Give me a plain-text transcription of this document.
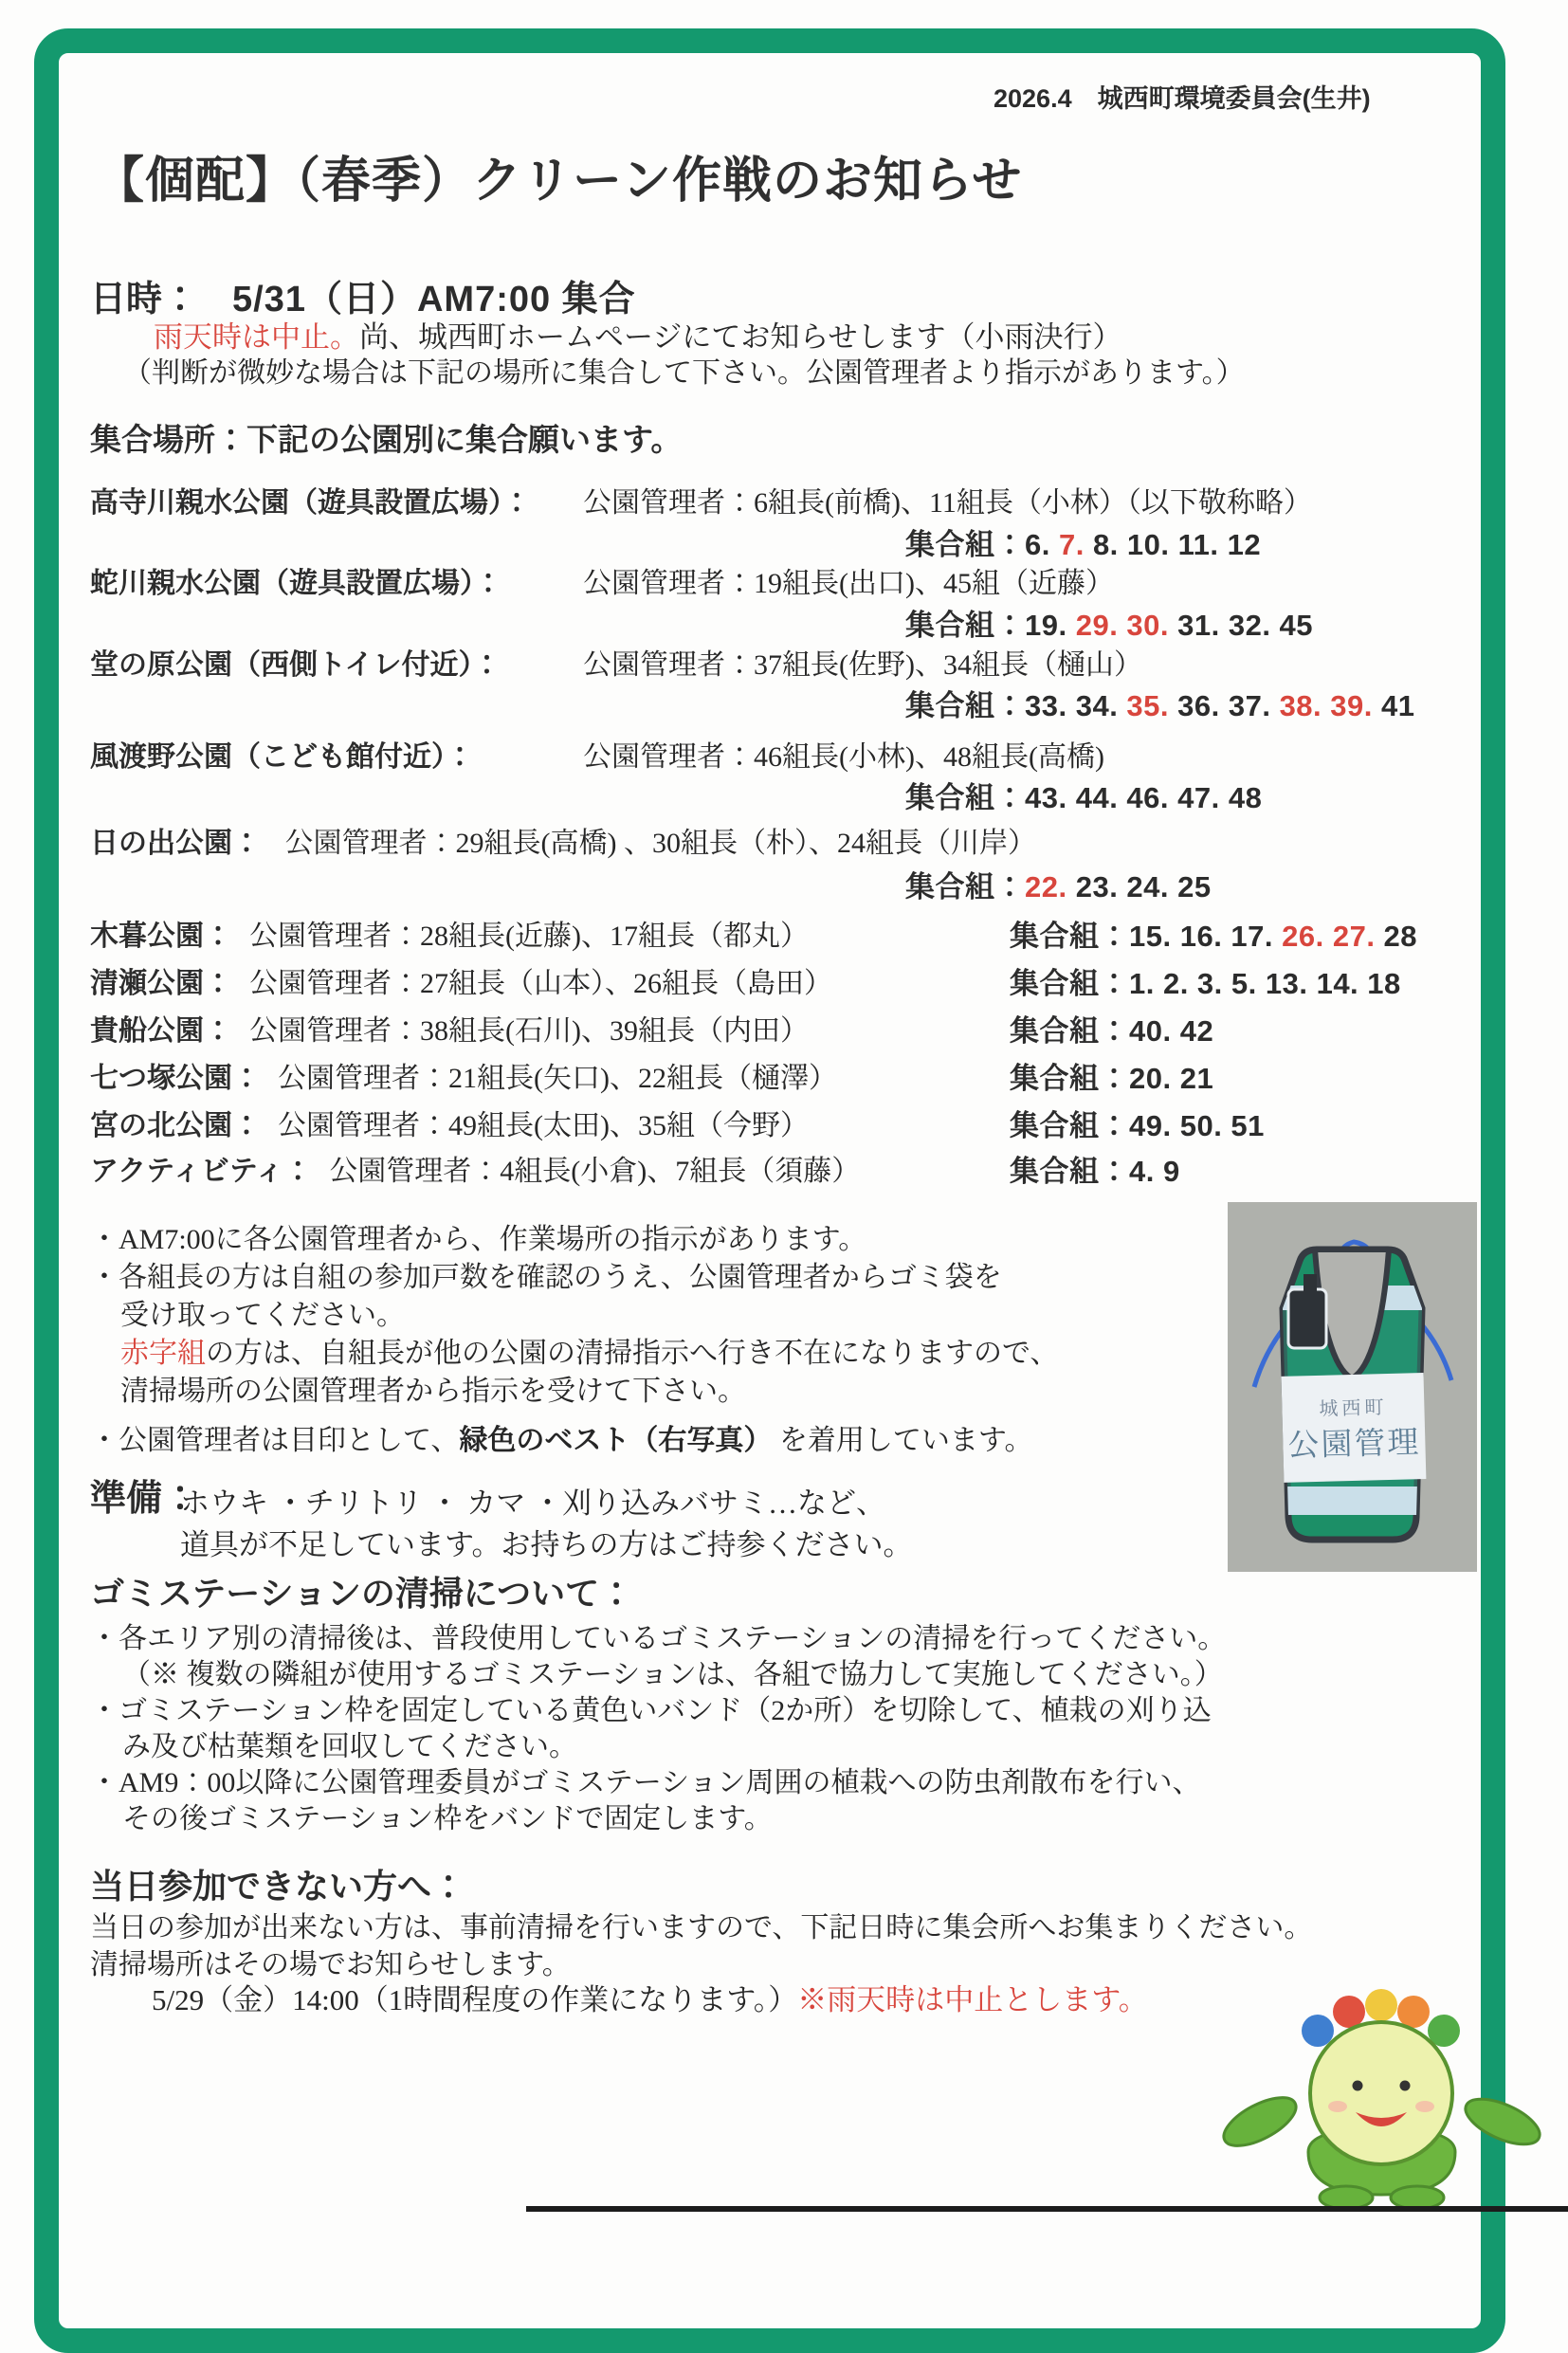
2026.4　城西町環境委員会(生井)
【個配】（春季）クリーン作戦のお知らせ
日時： 5/31（日）AM7:00 集合
雨天時は中止。尚、城西町ホームページにてお知らせします（小雨決行）
（判断が微妙な場合は下記の場所に集合して下さい。公園管理者より指示があります。）
集合場所：下記の公園別に集合願います。
高寺川親水公園（遊具設置広場）： 公園管理者：6組長(前橋)、11組長（小林）（以下敬称略）
集合組：6. 7. 8. 10. 11. 12
蛇川親水公園（遊具設置広場）：	公園管理者：19組長(出口)、45組（近藤）
集合組：19. 29. 30. 31. 32. 45
堂の原公園（西側トイレ付近）：	公園管理者：37組長(佐野)、34組長（樋山）
集合組：33. 34. 35. 36. 37. 38. 39. 41
風渡野公園（こども館付近）：	公園管理者：46組長(小林)、48組長(高橋)
集合組：43. 44. 46. 47. 48
日の出公園： 公園管理者：29組長(高橋) 、30組長（朴）、24組長（川岸）
集合組：22. 23. 24. 25
木暮公園： 公園管理者：28組長(近藤)、17組長（都丸）	集合組：15. 16. 17. 26. 27. 28
清瀬公園： 公園管理者：27組長（山本）、26組長（島田）	集合組：1. 2. 3. 5. 13. 14. 18
貴船公園： 公園管理者：38組長(石川)、39組長（内田）	集合組：40. 42
七つ塚公園： 公園管理者：21組長(矢口)、22組長（樋澤）	集合組：20. 21
宮の北公園： 公園管理者：49組長(太田)、35組（今野）	集合組：49. 50. 51
アクティビティ： 公園管理者：4組長(小倉)、7組長（須藤）	集合組：4. 9
・AM7:00に各公園管理者から、作業場所の指示があります。
・各組長の方は自組の参加戸数を確認のうえ、公園管理者からゴミ袋を
受け取ってください。
赤字組の方は、自組長が他の公園の清掃指示へ行き不在になりますので、
清掃場所の公園管理者から指示を受けて下さい。
・公園管理者は目印として、緑色のベスト（右写真） を着用しています。
準備：
ホウキ ・チリトリ ・ カマ ・刈り込みバサミ…など、
道具が不足しています。お持ちの方はご持参ください。
ゴミステーションの清掃について：
・各エリア別の清掃後は、普段使用しているゴミステーションの清掃を行ってください。
（※ 複数の隣組が使用するゴミステーションは、各組で協力して実施してください。）
・ゴミステーション枠を固定している黄色いバンド（2か所）を切除して、植栽の刈り込
み及び枯葉類を回収してください。
・AM9：00以降に公園管理委員がゴミステーション周囲の植栽への防虫剤散布を行い、
その後ゴミステーション枠をバンドで固定します。
当日参加できない方へ：
当日の参加が出来ない方は、事前清掃を行いますので、下記日時に集会所へお集まりください。
清掃場所はその場でお知らせします。
5/29（金）14:00（1時間程度の作業になります。）※雨天時は中止とします。
城西町
公園管理
